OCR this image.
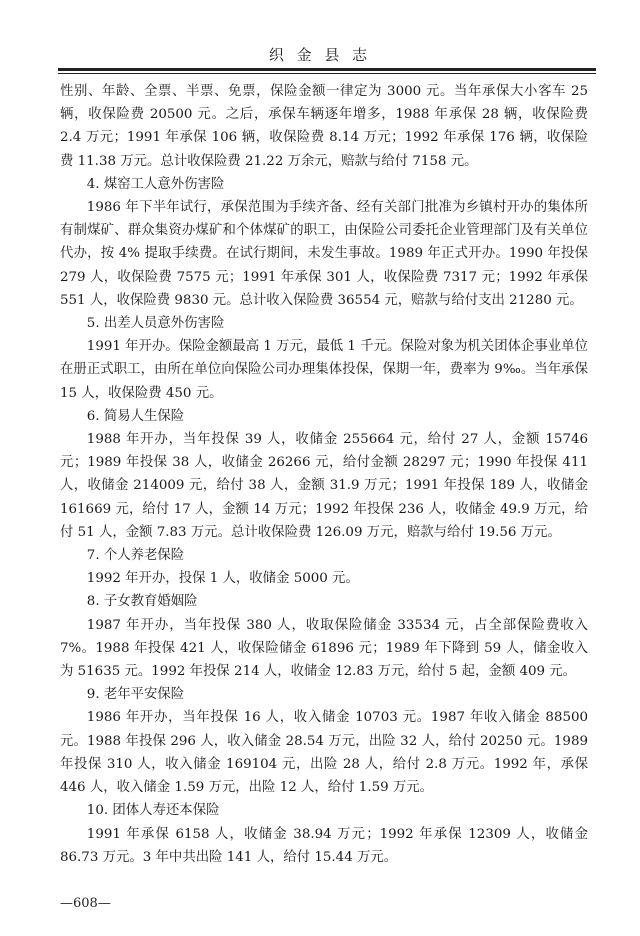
织 金 县 志

性别、年龄、全票、半票、免票，保险金额一律定为 3000 元。当年承保大小客车 25 辆，收保险费 20500 元。之后，承保车辆逐年增多，1988 年承保 28 辆，收保险费 2.4 万元；1991 年承保 106 辆，收保险费 8.14 万元；1992 年承保 176 辆，收保险费 11.38 万元。总计收保险费 21.22 万余元，赔款与给付 7158 元。

4. 煤窑工人意外伤害险

1986 年下半年试行，承保范围为手续齐备、经有关部门批准为乡镇村开办的集体所有制煤矿、群众集资办煤矿和个体煤矿的职工，由保险公司委托企业管理部门及有关单位代办，按 4% 提取手续费。在试行期间，未发生事故。1989 年正式开办。1990 年投保 279 人，收保险费 7575 元；1991 年承保 301 人，收保险费 7317 元；1992 年承保 551 人，收保险费 9830 元。总计收入保险费 36554 元，赔款与给付支出 21280 元。

5. 出差人员意外伤害险

1991 年开办。保险金额最高 1 万元，最低 1 千元。保险对象为机关团体企事业单位在册正式职工，由所在单位向保险公司办理集体投保，保期一年，费率为 9‰。当年承保 15 人，收保险费 450 元。

6. 简易人生保险

1988 年开办，当年投保 39 人，收储金 255664 元，给付 27 人，金额 15746 元；1989 年投保 38 人，收储金 26266 元，给付金额 28297 元；1990 年投保 411 人，收储金 214009 元，给付 38 人，金额 31.9 万元；1991 年投保 189 人，收储金 161669 元，给付 17 人，金额 14 万元；1992 年投保 236 人，收储金 49.9 万元，给付 51 人，金额 7.83 万元。总计收保险费 126.09 万元，赔款与给付 19.56 万元。

7. 个人养老保险

1992 年开办，投保 1 人，收储金 5000 元。

8. 子女教育婚姻险

1987 年开办，当年投保 380 人，收取保险储金 33534 元，占全部保险费收入 7%。1988 年投保 421 人，收保险储金 61896 元；1989 年下降到 59 人，储金收入为 51635 元。1992 年投保 214 人，收储金 12.83 万元，给付 5 起，金额 409 元。

9. 老年平安保险

1986 年开办，当年投保 16 人，收入储金 10703 元。1987 年收入储金 88500 元。1988 年投保 296 人，收入储金 28.54 万元，出险 32 人，给付 20250 元。1989 年投保 310 人，收入储金 169104 元，出险 28 人，给付 2.8 万元。1992 年，承保 446 人，收入储金 1.59 万元，出险 12 人，给付 1.59 万元。

10. 团体人寿还本保险

1991 年承保 6158 人，收储金 38.94 万元；1992 年承保 12309 人，收储金 86.73 万元。3 年中共出险 141 人，给付 15.44 万元。

—608—
